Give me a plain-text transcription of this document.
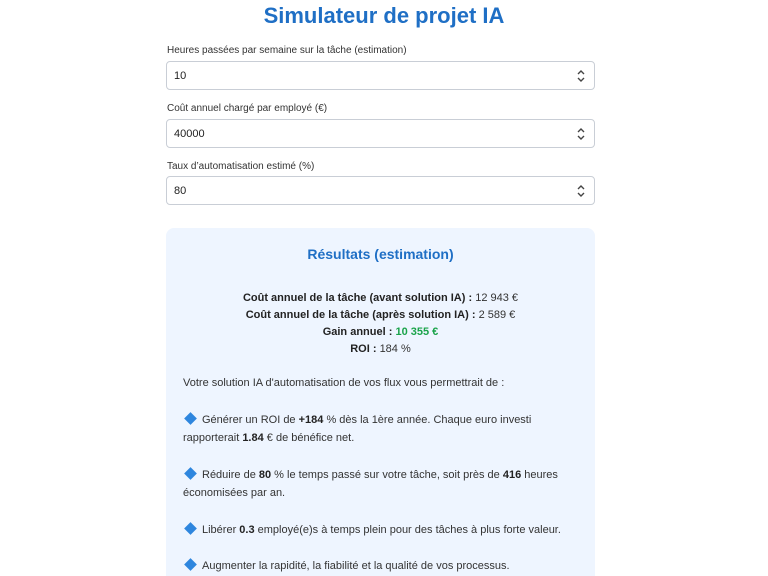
Simulateur de projet IA
Heures passées par semaine sur la tâche (estimation)
10
Coût annuel chargé par employé (€)
40000
Taux d’automatisation estimé (%)
80
Résultats (estimation)
Coût annuel de la tâche (avant solution IA) : 12 943 €
Coût annuel de la tâche (après solution IA) : 2 589 €
Gain annuel : 10 355 €
ROI : 184 %
Votre solution IA d'automatisation de vos flux vous permettrait de :
Générer un ROI de +184 % dès la 1ère année. Chaque euro investi rapporterait 1.84 € de bénéfice net.
Réduire de 80 % le temps passé sur votre tâche, soit près de 416 heures économisées par an.
Libérer 0.3 employé(e)s à temps plein pour des tâches à plus forte valeur.
Augmenter la rapidité, la fiabilité et la qualité de vos processus.
